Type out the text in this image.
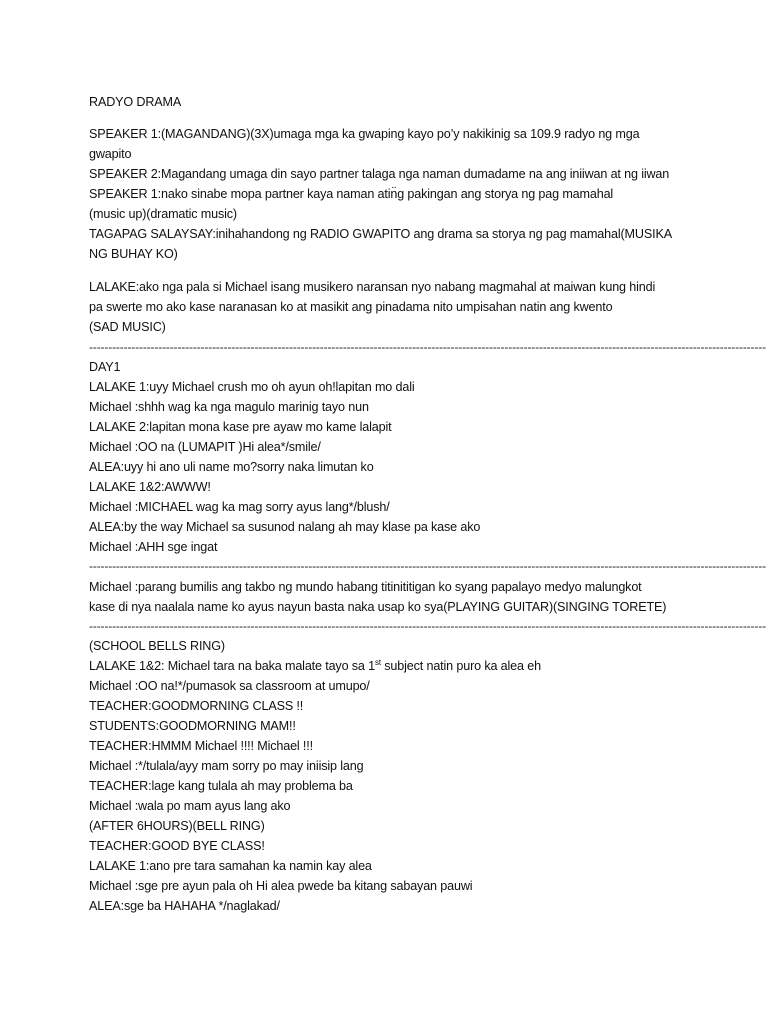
RADYO DRAMA
SPEAKER 1:(MAGANDANG)(3X)umaga mga ka gwaping kayo po’y nakikinig sa 109.9 radyo ng mga
gwapito
SPEAKER 2:Magandang umaga din sayo partner talaga nga naman dumadame na ang iniiwan at ng iiwan
SPEAKER 1:nako sinabe mopa partner kaya naman atin̈g pakingan ang storya ng pag mamahal
(music up)(dramatic music)
TAGAPAG SALAYSAY:inihahandong ng RADIO GWAPITO ang drama sa storya ng pag mamahal(MUSIKA
NG BUHAY KO)
LALAKE:ako nga pala si Michael isang musikero naransan nyo nabang magmahal at maiwan kung hindi
pa swerte mo ako kase naranasan ko at masikit ang pinadama nito umpisahan natin ang kwento
(SAD MUSIC)
--------------------------------------------------------------------------------------------------------------------------------------------------------------------------------
DAY1
LALAKE 1:uyy Michael crush mo oh ayun oh!lapitan mo dali
Michael :shhh wag ka nga magulo marinig tayo nun
LALAKE 2:lapitan mona kase pre ayaw mo kame lalapit
Michael :OO na (LUMAPIT )Hi alea*/smile/
ALEA:uyy hi ano uli name mo?sorry naka limutan ko
LALAKE 1&2:AWWW!
Michael :MICHAEL wag ka mag sorry ayus lang*/blush/
ALEA:by the way Michael sa susunod nalang ah may klase pa kase ako
Michael :AHH sge ingat
--------------------------------------------------------------------------------------------------------------------------------------------------------------------------------
Michael :parang bumilis ang takbo ng mundo habang titinititigan ko syang papalayo medyo malungkot
kase di nya naalala name ko ayus nayun basta naka usap ko sya(PLAYING GUITAR)(SINGING TORETE)
--------------------------------------------------------------------------------------------------------------------------------------------------------------------------------
(SCHOOL BELLS RING)
LALAKE 1&2: Michael tara na baka malate tayo sa 1st subject natin puro ka alea eh
Michael :OO na!*/pumasok sa classroom at umupo/
TEACHER:GOODMORNING CLASS !!
STUDENTS:GOODMORNING MAM!!
TEACHER:HMMM Michael !!!! Michael !!!
Michael :*/tulala/ayy mam sorry po may iniisip lang
TEACHER:lage kang tulala ah may problema ba
Michael :wala po mam ayus lang ako
(AFTER 6HOURS)(BELL RING)
TEACHER:GOOD BYE CLASS!
LALAKE 1:ano pre tara samahan ka namin kay alea
Michael :sge pre ayun pala oh Hi alea pwede ba kitang sabayan pauwi
ALEA:sge ba HAHAHA */naglakad/
